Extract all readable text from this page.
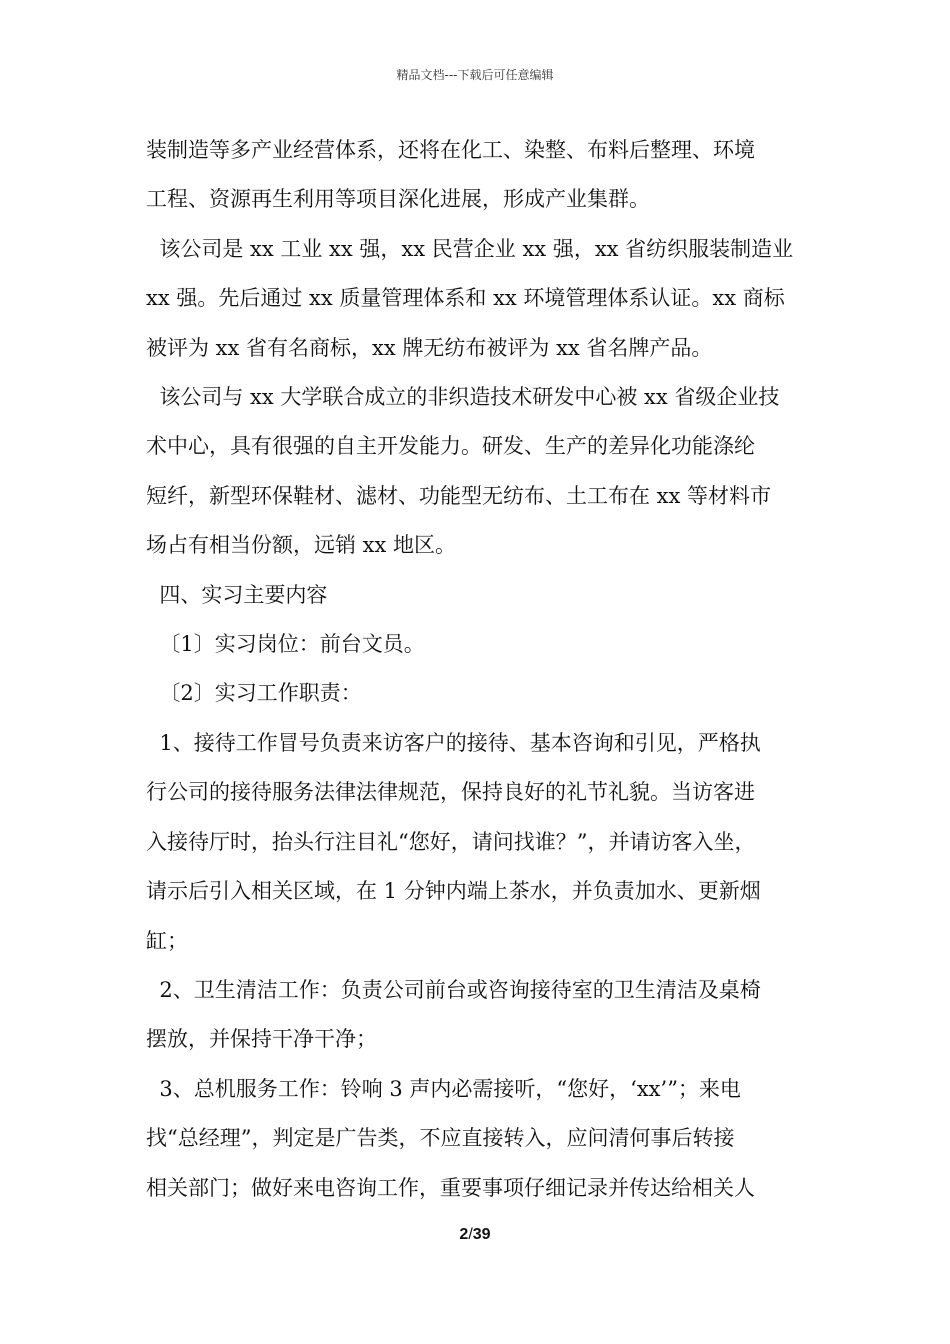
精品文档---下载后可任意编辑

装制造等多产业经营体系，还将在化工、染整、布料后整理、环境

工程、资源再生利用等项目深化进展，形成产业集群。

该公司是 xx 工业 xx 强，xx 民营企业 xx 强，xx 省纺织服装制造业

xx 强。先后通过 xx 质量管理体系和 xx 环境管理体系认证。xx 商标

被评为 xx 省有名商标，xx 牌无纺布被评为 xx 省名牌产品。

该公司与 xx 大学联合成立的非织造技术研发中心被 xx 省级企业技

术中心，具有很强的自主开发能力。研发、生产的差异化功能涤纶

短纤，新型环保鞋材、滤材、功能型无纺布、土工布在 xx 等材料市

场占有相当份额，远销 xx 地区。

四、实习主要内容

〔1〕实习岗位：前台文员。

〔2〕实习工作职责：

1、接待工作冒号负责来访客户的接待、基本咨询和引见，严格执

行公司的接待服务法律法律规范，保持良好的礼节礼貌。当访客进

入接待厅时，抬头行注目礼“您好，请问找谁？”，并请访客入坐，

请示后引入相关区域，在 1 分钟内端上茶水，并负责加水、更新烟

缸；

2、卫生清洁工作：负责公司前台或咨询接待室的卫生清洁及桌椅

摆放，并保持干净干净；

3、总机服务工作：铃响 3 声内必需接听，“您好，‘xx’”；来电

找“总经理”，判定是广告类，不应直接转入，应问清何事后转接

相关部门；做好来电咨询工作，重要事项仔细记录并传达给相关人

2/39
